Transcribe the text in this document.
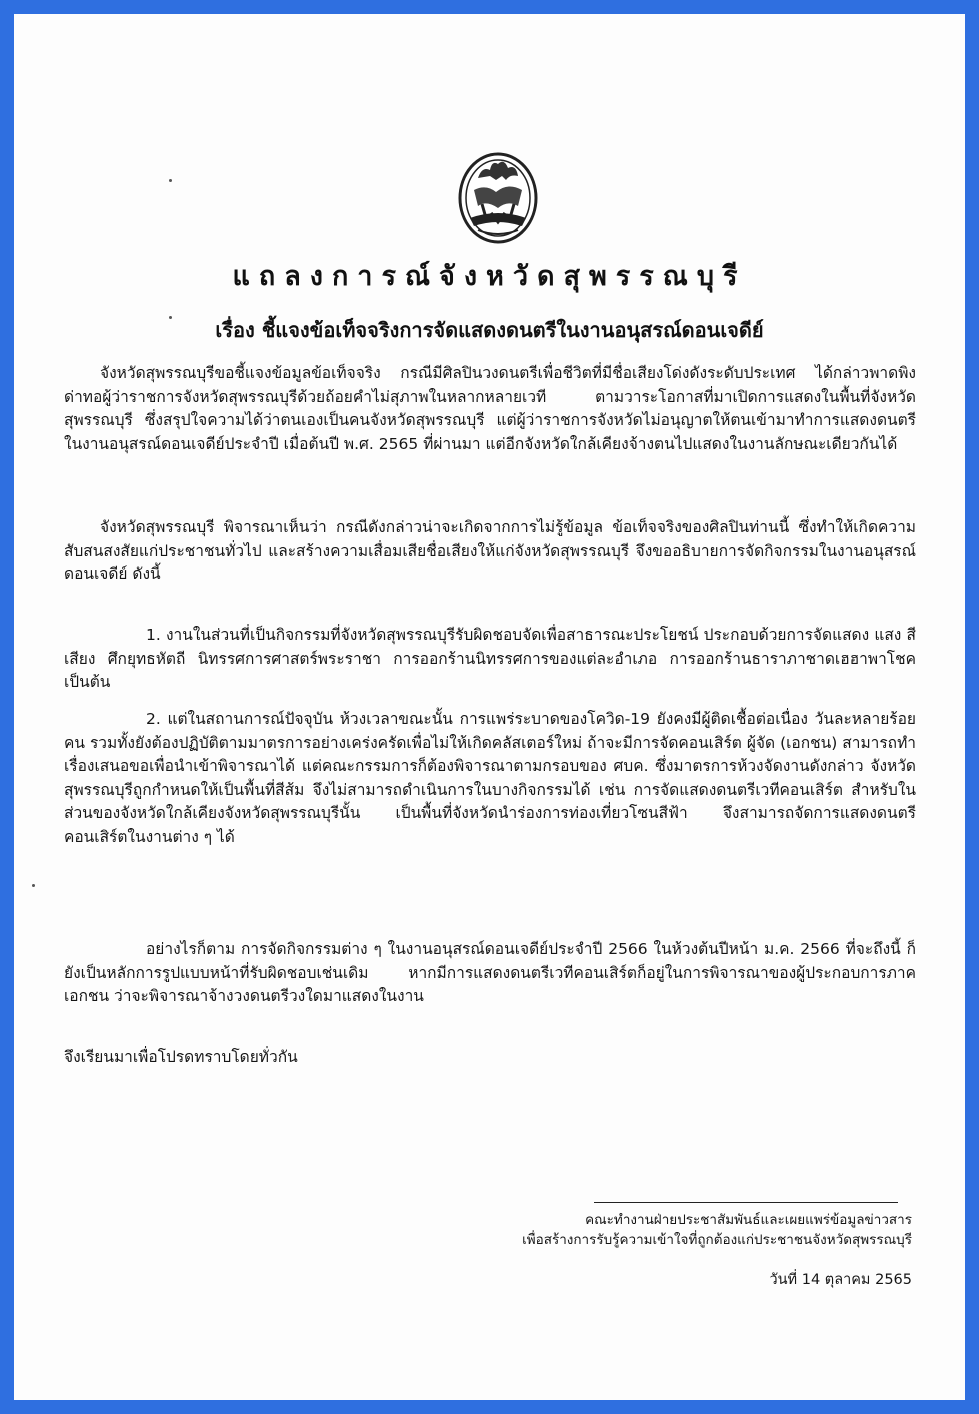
แถลงการณ์จังหวัดสุพรรณบุรี
เรื่อง ชี้แจงข้อเท็จจริงการจัดแสดงดนตรีในงานอนุสรณ์ดอนเจดีย์
จังหวัดสุพรรณบุรีขอชี้แจงข้อมูลข้อเท็จจริง กรณีมีศิลปินวงดนตรีเพื่อชีวิตที่มีชื่อเสียงโด่งดังระดับประเทศ ได้กล่าวพาดพิงด่าทอผู้ว่าราชการจังหวัดสุพรรณบุรีด้วยถ้อยคำไม่สุภาพในหลากหลายเวที ตามวาระโอกาสที่มาเปิดการแสดงในพื้นที่จังหวัดสุพรรณบุรี ซึ่งสรุปใจความได้ว่าตนเองเป็นคนจังหวัดสุพรรณบุรี แต่ผู้ว่าราชการจังหวัดไม่อนุญาตให้ตนเข้ามาทำการแสดงดนตรีในงานอนุสรณ์ดอนเจดีย์ประจำปี เมื่อต้นปี พ.ศ. 2565 ที่ผ่านมา แต่อีกจังหวัดใกล้เคียงจ้างตนไปแสดงในงานลักษณะเดียวกันได้
จังหวัดสุพรรณบุรี พิจารณาเห็นว่า กรณีดังกล่าวน่าจะเกิดจากการไม่รู้ข้อมูล ข้อเท็จจริงของศิลปินท่านนี้ ซึ่งทำให้เกิดความสับสนสงสัยแก่ประชาชนทั่วไป และสร้างความเสื่อมเสียชื่อเสียงให้แก่จังหวัดสุพรรณบุรี จึงขออธิบายการจัดกิจกรรมในงานอนุสรณ์ดอนเจดีย์ ดังนี้
1. งานในส่วนที่เป็นกิจกรรมที่จังหวัดสุพรรณบุรีรับผิดชอบจัดเพื่อสาธารณะประโยชน์ ประกอบด้วยการจัดแสดง แสง สี เสียง ศึกยุทธหัตถี นิทรรศการศาสตร์พระราชา การออกร้านนิทรรศการของแต่ละอำเภอ การออกร้านธาราภาชาดเฮฮาพาโชค เป็นต้น
2. แต่ในสถานการณ์ปัจจุบัน ห้วงเวลาขณะนั้น การแพร่ระบาดของโควิด-19 ยังคงมีผู้ติดเชื้อต่อเนื่อง วันละหลายร้อยคน รวมทั้งยังต้องปฏิบัติตามมาตรการอย่างเคร่งครัดเพื่อไม่ให้เกิดคลัสเตอร์ใหม่ ถ้าจะมีการจัดคอนเสิร์ต ผู้จัด (เอกชน) สามารถทำเรื่องเสนอขอเพื่อนำเข้าพิจารณาได้ แต่คณะกรรมการก็ต้องพิจารณาตามกรอบของ ศบค. ซึ่งมาตรการห้วงจัดงานดังกล่าว จังหวัดสุพรรณบุรีถูกกำหนดให้เป็นพื้นที่สีส้ม จึงไม่สามารถดำเนินการในบางกิจกรรมได้ เช่น การจัดแสดงดนตรีเวทีคอนเสิร์ต สำหรับในส่วนของจังหวัดใกล้เคียงจังหวัดสุพรรณบุรีนั้น เป็นพื้นที่จังหวัดนำร่องการท่องเที่ยวโซนสีฟ้า จึงสามารถจัดการแสดงดนตรีคอนเสิร์ตในงานต่าง ๆ ได้
อย่างไรก็ตาม การจัดกิจกรรมต่าง ๆ ในงานอนุสรณ์ดอนเจดีย์ประจำปี 2566 ในห้วงต้นปีหน้า ม.ค. 2566 ที่จะถึงนี้ ก็ยังเป็นหลักการรูปแบบหน้าที่รับผิดชอบเช่นเดิม หากมีการแสดงดนตรีเวทีคอนเสิร์ตก็อยู่ในการพิจารณาของผู้ประกอบการภาคเอกชน ว่าจะพิจารณาจ้างวงดนตรีวงใดมาแสดงในงาน
จึงเรียนมาเพื่อโปรดทราบโดยทั่วกัน
คณะทำงานฝ่ายประชาสัมพันธ์และเผยแพร่ข้อมูลข่าวสาร
เพื่อสร้างการรับรู้ความเข้าใจที่ถูกต้องแก่ประชาชนจังหวัดสุพรรณบุรี
วันที่ 14 ตุลาคม 2565
